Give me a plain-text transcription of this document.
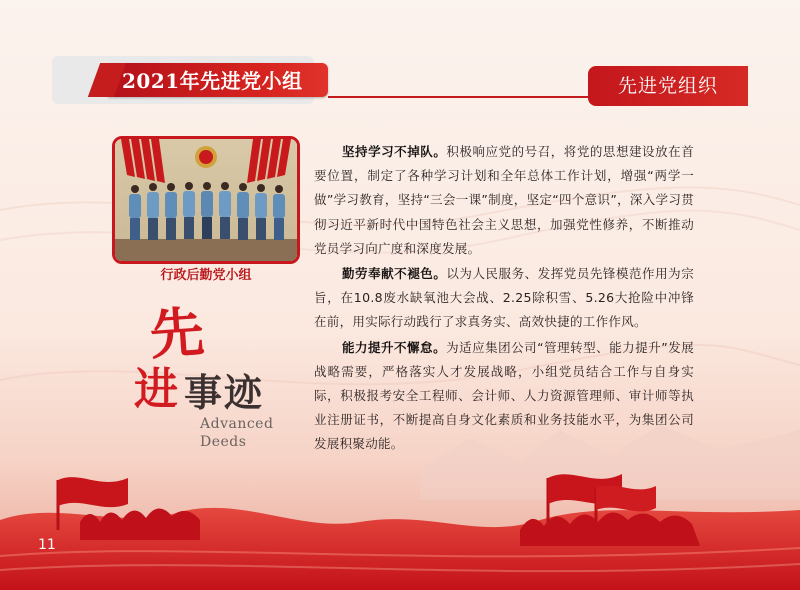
2021年先进党小组	先进党组织
行政后勤党小组
先
进 事迹
Advanced
Deeds

坚持学习不掉队。积极响应党的号召，将党的思想建设放在首要位置，制定了各种学习计划和全年总体工作计划，增强“两学一做”学习教育，坚持“三会一课”制度，坚定“四个意识”，深入学习贯彻习近平新时代中国特色社会主义思想，加强党性修养，不断推动党员学习向广度和深度发展。

勤劳奉献不褪色。以为人民服务、发挥党员先锋模范作用为宗旨，在10.8废水缺氧池大会战、2.25除积雪、5.26大抢险中冲锋在前，用实际行动践行了求真务实、高效快捷的工作作风。

能力提升不懈怠。为适应集团公司“管理转型、能力提升”发展战略需要，严格落实人才发展战略，小组党员结合工作与自身实际，积极报考安全工程师、会计师、人力资源管理师、审计师等执业注册证书，不断提高自身文化素质和业务技能水平，为集团公司发展积聚动能。

11
